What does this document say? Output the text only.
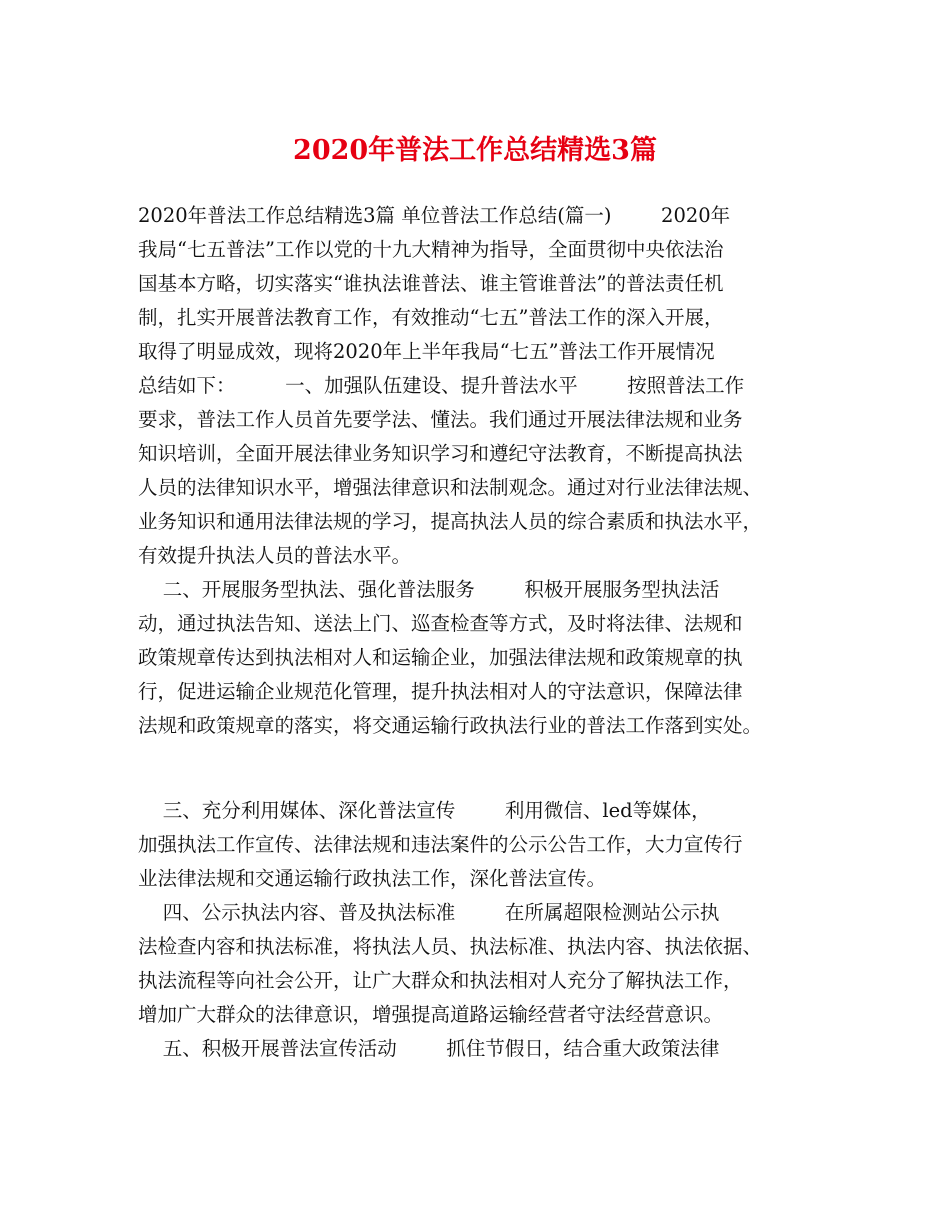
2020年普法工作总结精选3篇
2020年普法工作总结精选3篇 单位普法工作总结(篇一)        2020年
我局“七五普法”工作以党的十九大精神为指导，全面贯彻中央依法治
国基本方略，切实落实“谁执法谁普法、谁主管谁普法”的普法责任机
制，扎实开展普法教育工作，有效推动“七五”普法工作的深入开展，
取得了明显成效，现将2020年上半年我局“七五”普法工作开展情况
总结如下：        一、加强队伍建设、提升普法水平        按照普法工作
要求，普法工作人员首先要学法、懂法。我们通过开展法律法规和业务
知识培训，全面开展法律业务知识学习和遵纪守法教育，不断提高执法
人员的法律知识水平，增强法律意识和法制观念。通过对行业法律法规、
业务知识和通用法律法规的学习，提高执法人员的综合素质和执法水平，
有效提升执法人员的普法水平。
二、开展服务型执法、强化普法服务        积极开展服务型执法活
动，通过执法告知、送法上门、巡查检查等方式，及时将法律、法规和
政策规章传达到执法相对人和运输企业，加强法律法规和政策规章的执
行，促进运输企业规范化管理，提升执法相对人的守法意识，保障法律
法规和政策规章的落实，将交通运输行政执法行业的普法工作落到实处。
三、充分利用媒体、深化普法宣传        利用微信、led等媒体，
加强执法工作宣传、法律法规和违法案件的公示公告工作，大力宣传行
业法律法规和交通运输行政执法工作，深化普法宣传。
四、公示执法内容、普及执法标准        在所属超限检测站公示执
法检查内容和执法标准，将执法人员、执法标准、执法内容、执法依据、
执法流程等向社会公开，让广大群众和执法相对人充分了解执法工作，
增加广大群众的法律意识，增强提高道路运输经营者守法经营意识。
五、积极开展普法宣传活动        抓住节假日，结合重大政策法律
